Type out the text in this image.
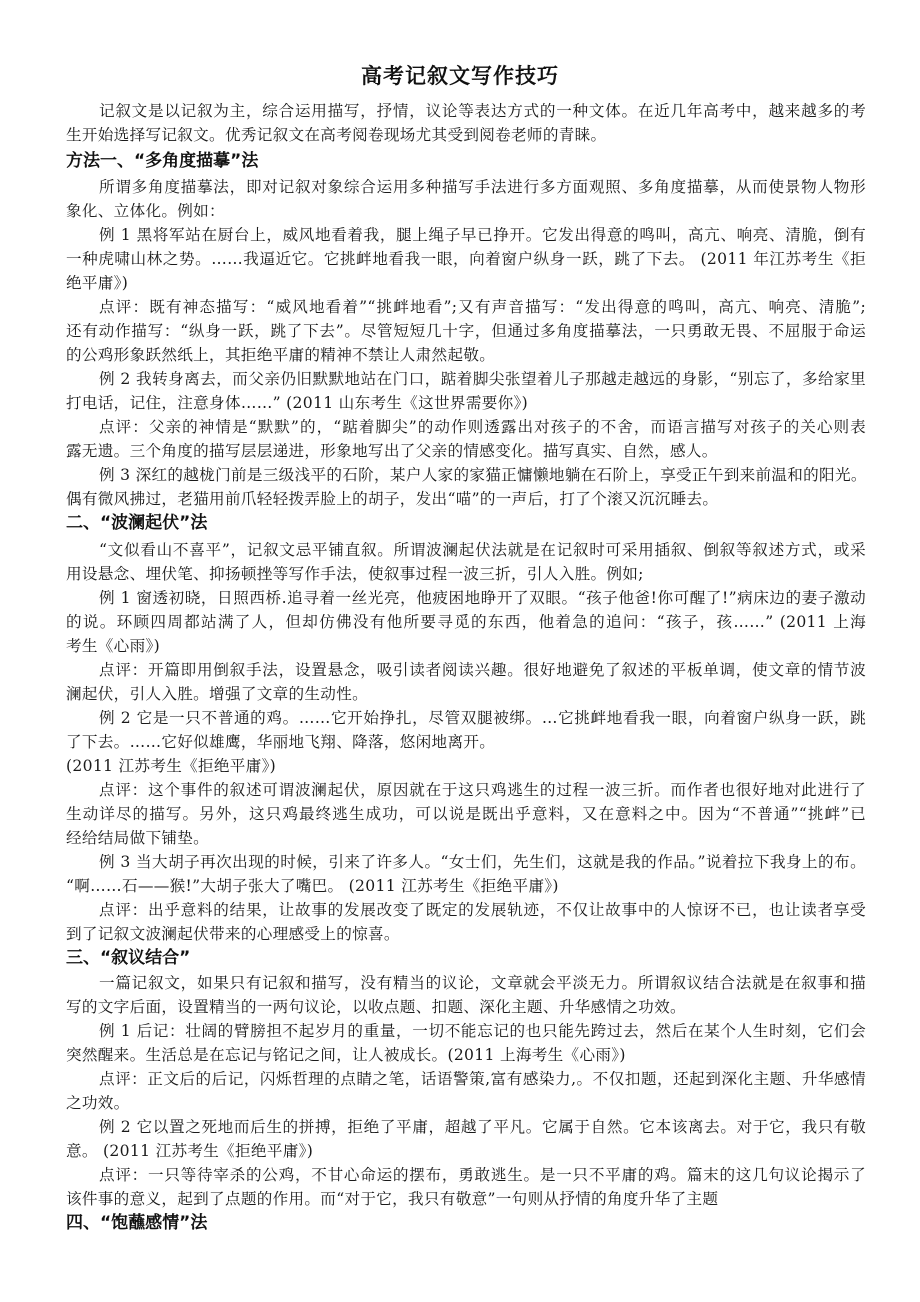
高考记叙文写作技巧
记叙文是以记叙为主，综合运用描写，抒情，议论等表达方式的一种文体。在近几年高考中，越来越多的考
生开始选择写记叙文。优秀记叙文在高考阅卷现场尤其受到阅卷老师的青睐。
方法一、“多角度描摹”法
所谓多角度描摹法，即对记叙对象综合运用多种描写手法进行多方面观照、多角度描摹，从而使景物人物形
象化、立体化。例如：
例 1 黑将军站在厨台上，威风地看着我，腿上绳子早已挣开。它发出得意的鸣叫，高亢、响亮、清脆，倒有
一种虎啸山林之势。……我逼近它。它挑衅地看我一眼，向着窗户纵身一跃，跳了下去。 (2011 年江苏考生《拒
绝平庸》)
点评：既有神态描写：“威风地看着”“挑衅地看”;又有声音描写：“发出得意的鸣叫，高亢、响亮、清脆”;
还有动作描写：“纵身一跃，跳了下去”。尽管短短几十字，但通过多角度描摹法，一只勇敢无畏、不屈服于命运
的公鸡形象跃然纸上，其拒绝平庸的精神不禁让人肃然起敬。
例 2 我转身离去，而父亲仍旧默默地站在门口，踮着脚尖张望着儿子那越走越远的身影，“别忘了，多给家里
打电话，记住，注意身体……” (2011 山东考生《这世界需要你》)
点评：父亲的神情是“默默”的，“踮着脚尖”的动作则透露出对孩子的不舍，而语言描写对孩子的关心则表
露无遗。三个角度的描写层层递进，形象地写出了父亲的情感变化。描写真实、自然，感人。
例 3 深红的越栊门前是三级浅平的石阶，某户人家的家猫正慵懒地躺在石阶上，享受正午到来前温和的阳光。
偶有微风拂过，老猫用前爪轻轻拨弄脸上的胡子，发出“喵”的一声后，打了个滚又沉沉睡去。
二、“波澜起伏”法
“文似看山不喜平”，记叙文忌平铺直叙。所谓波澜起伏法就是在记叙时可采用插叙、倒叙等叙述方式，或采
用设悬念、埋伏笔、抑扬顿挫等写作手法，使叙事过程一波三折，引人入胜。例如;
例 1 窗透初晓，日照西桥.追寻着一丝光亮，他疲困地睁开了双眼。“孩子他爸!你可醒了!”病床边的妻子激动
的说。环顾四周都站满了人，但却仿佛没有他所要寻觅的东西，他着急的追问：“孩子，孩……” (2011 上海
考生《心雨》)
点评：开篇即用倒叙手法，设置悬念，吸引读者阅读兴趣。很好地避免了叙述的平板单调，使文章的情节波
澜起伏，引人入胜。增强了文章的生动性。
例 2 它是一只不普通的鸡。……它开始挣扎，尽管双腿被绑。…它挑衅地看我一眼，向着窗户纵身一跃，跳
了下去。……它好似雄鹰，华丽地飞翔、降落，悠闲地离开。
(2011 江苏考生《拒绝平庸》)
点评：这个事件的叙述可谓波澜起伏，原因就在于这只鸡逃生的过程一波三折。而作者也很好地对此进行了
生动详尽的描写。另外，这只鸡最终逃生成功，可以说是既出乎意料，又在意料之中。因为“不普通”“挑衅”已
经给结局做下铺垫。
例 3 当大胡子再次出现的时候，引来了许多人。“女士们，先生们，这就是我的作品。”说着拉下我身上的布。
“啊……石——猴!”大胡子张大了嘴巴。 (2011 江苏考生《拒绝平庸》)
点评：出乎意料的结果，让故事的发展改变了既定的发展轨迹，不仅让故事中的人惊讶不已，也让读者享受
到了记叙文波澜起伏带来的心理感受上的惊喜。
三、“叙议结合”
一篇记叙文，如果只有记叙和描写，没有精当的议论，文章就会平淡无力。所谓叙议结合法就是在叙事和描
写的文字后面，设置精当的一两句议论，以收点题、扣题、深化主题、升华感情之功效。
例 1 后记：壮阔的臂膀担不起岁月的重量，一切不能忘记的也只能先跨过去，然后在某个人生时刻，它们会
突然醒来。生活总是在忘记与铭记之间，让人被成长。(2011 上海考生《心雨》)
点评：正文后的后记，闪烁哲理的点睛之笔，话语警策,富有感染力,。不仅扣题，还起到深化主题、升华感情
之功效。
例 2 它以置之死地而后生的拼搏，拒绝了平庸，超越了平凡。它属于自然。它本该离去。对于它，我只有敬
意。 (2011 江苏考生《拒绝平庸》)
点评：一只等待宰杀的公鸡，不甘心命运的摆布，勇敢逃生。是一只不平庸的鸡。篇末的这几句议论揭示了
该件事的意义，起到了点题的作用。而“对于它，我只有敬意”一句则从抒情的角度升华了主题
四、“饱蘸感情”法
